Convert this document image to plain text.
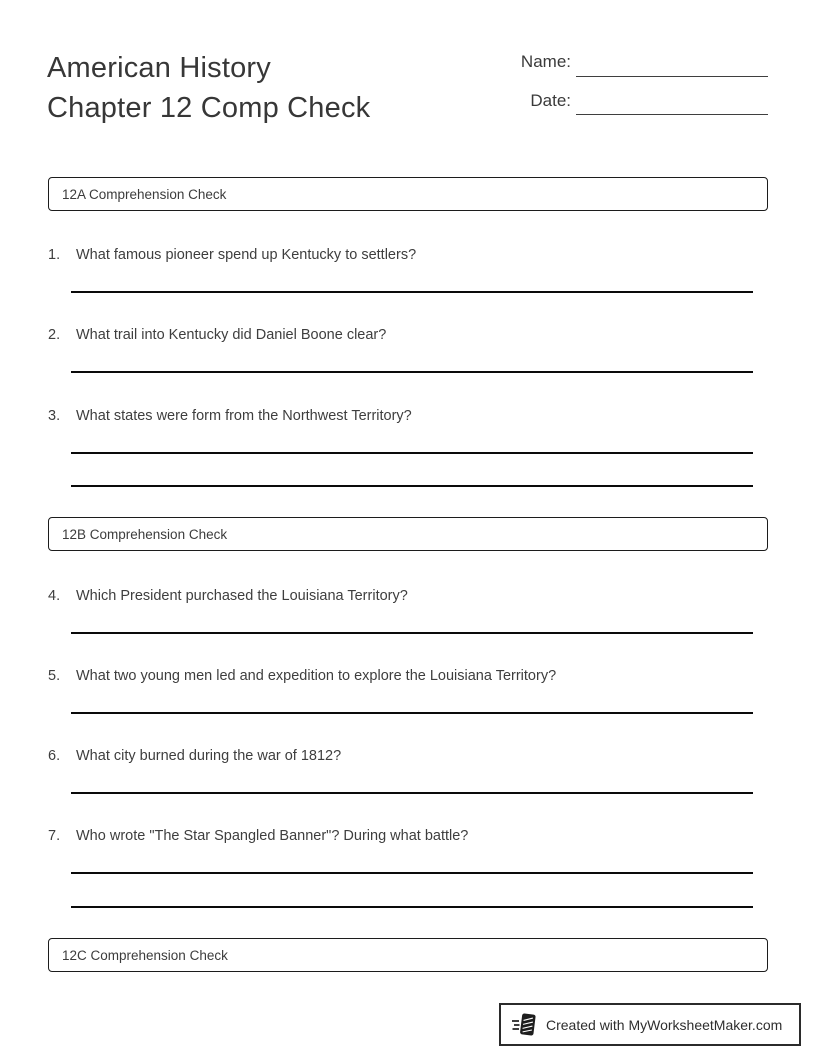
American History
Chapter 12 Comp Check
Name:
Date:
12A Comprehension Check
1.	What famous pioneer spend up Kentucky to settlers?
2.	What trail into Kentucky did Daniel Boone clear?
3.	What states were form from the Northwest Territory?
12B Comprehension Check
4.	Which President purchased the Louisiana Territory?
5.	What two young men led and expedition to explore the Louisiana Territory?
6.	What city burned during the war of 1812?
7.	Who wrote "The Star Spangled Banner"? During what battle?
12C Comprehension Check
Created with MyWorksheetMaker.com
